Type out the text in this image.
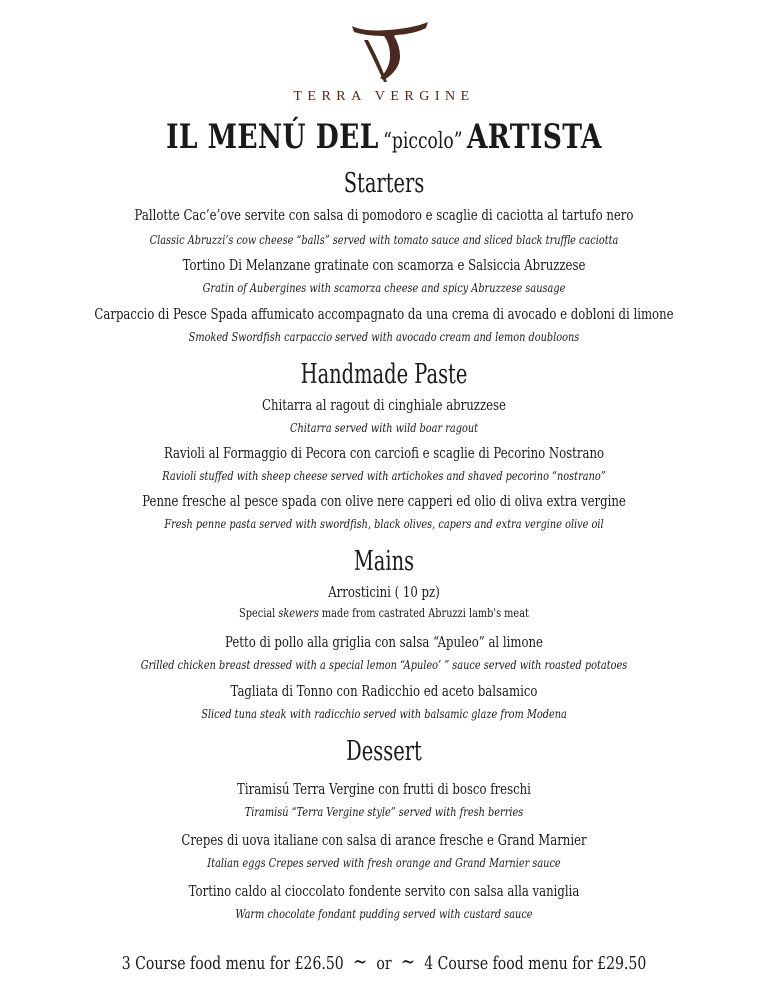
TERRA VERGINE
IL MENÚ DEL “piccolo” ARTISTA
Starters
Pallotte Cac’e’ove servite con salsa di pomodoro e scaglie di caciotta al tartufo nero
Classic Abruzzi’s cow cheese “balls” served with tomato sauce and sliced black truffle caciotta
Tortino Di Melanzane gratinate con scamorza e Salsiccia Abruzzese
Gratin of Aubergines with scamorza cheese and spicy Abruzzese sausage
Carpaccio di Pesce Spada affumicato accompagnato da una crema di avocado e dobloni di limone
Smoked Swordfish carpaccio served with avocado cream and lemon doubloons
Handmade Paste
Chitarra al ragout di cinghiale abruzzese
Chitarra served with wild boar ragout
Ravioli al Formaggio di Pecora con carciofi e scaglie di Pecorino Nostrano
Ravioli stuffed with sheep cheese served with artichokes and shaved pecorino “nostrano”
Penne fresche al pesce spada con olive nere capperi ed olio di oliva extra vergine
Fresh penne pasta served with swordfish, black olives, capers and extra vergine olive oil
Mains
Arrosticini ( 10 pz)
Special skewers made from castrated Abruzzi lamb's meat
Petto di pollo alla griglia con salsa “Apuleo” al limone
Grilled chicken breast dressed with a special lemon “Apuleo’ ” sauce served with roasted potatoes
Tagliata di Tonno con Radicchio ed aceto balsamico
Sliced tuna steak with radicchio served with balsamic glaze from Modena
Dessert
Tiramisú Terra Vergine con frutti di bosco freschi
Tiramisú “Terra Vergine style” served with fresh berries
Crepes di uova italiane con salsa di arance fresche e Grand Marnier
Italian eggs Crepes served with fresh orange and Grand Marnier sauce
Tortino caldo al cioccolato fondente servito con salsa alla vaniglia
Warm chocolate fondant pudding served with custard sauce
3 Course food menu for £26.50 ~ or ~ 4 Course food menu for £29.50
